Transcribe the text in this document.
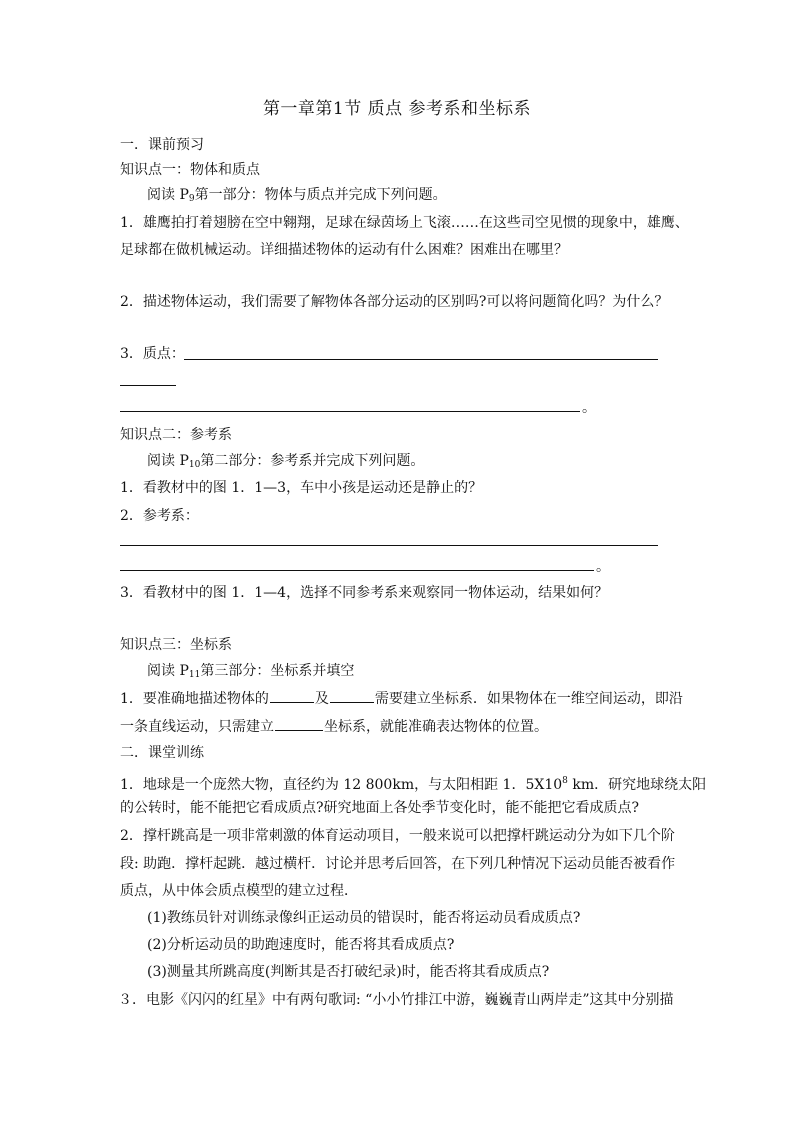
第一章第1节 质点 参考系和坐标系
一．课前预习
知识点一：物体和质点
阅读 $P_9$第一部分：物体与质点并完成下列问题。
1．雄鹰拍打着翅膀在空中翱翔，足球在绿茵场上飞滚……在这些司空见惯的现象中，雄鹰、
足球都在做机械运动。详细描述物体的运动有什么困难？困难出在哪里？
2．描述物体运动，我们需要了解物体各部分运动的区别吗?可以将问题简化吗？为什么？
3．质点：
。
知识点二：参考系
阅读 $P_{10}$第二部分：参考系并完成下列问题。
1．看教材中的图 1．1—3，车中小孩是运动还是静止的？
2．参考系：
。
3．看教材中的图 1．1—4，选择不同参考系来观察同一物体运动，结果如何？
知识点三：坐标系
阅读 $P_{11}$第三部分：坐标系并填空
1．要准确地描述物体的	及	需要建立坐标系．如果物体在一维空间运动，即沿
一条直线运动，只需建立	坐标系，就能准确表达物体的位置。
二．课堂训练
1．地球是一个庞然大物，直径约为 12 800km，与太阳相距 1．$5X10^8$ km．研究地球绕太阳
的公转时，能不能把它看成质点?研究地面上各处季节变化时，能不能把它看成质点?
2．撑杆跳高是一项非常刺激的体育运动项目，一般来说可以把撑杆跳运动分为如下几个阶
段: 助跑．撑杆起跳．越过横杆．讨论并思考后回答，在下列几种情况下运动员能否被看作
质点，从中体会质点模型的建立过程．
(1)教练员针对训练录像纠正运动员的错误时，能否将运动员看成质点?
(2)分析运动员的助跑速度时，能否将其看成质点?
(3)测量其所跳高度(判断其是否打破纪录)时，能否将其看成质点?
３．电影《闪闪的红星》中有两句歌词: “小小竹排江中游，巍巍青山两岸走”这其中分别描
